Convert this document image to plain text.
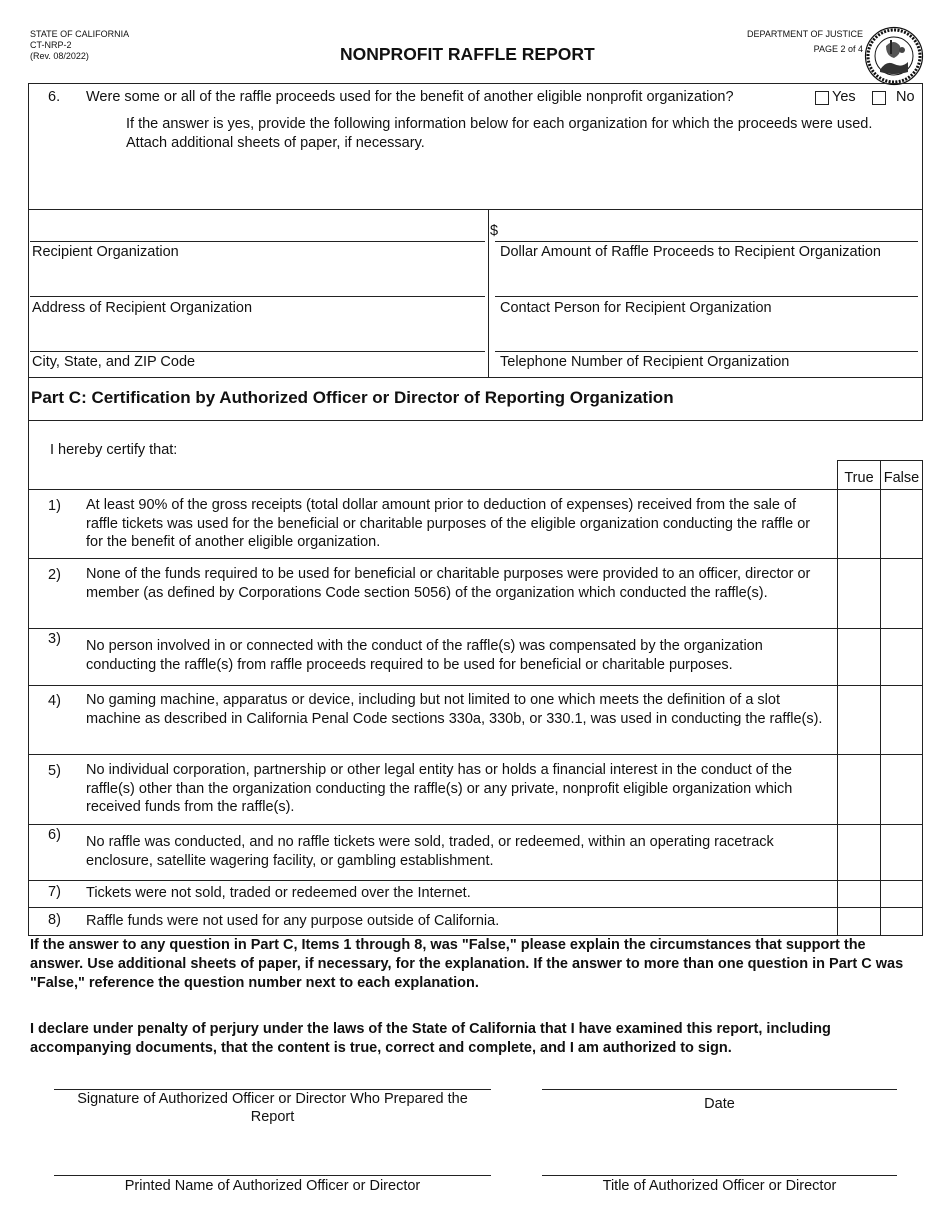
STATE OF CALIFORNIA
CT-NRP-2
(Rev. 08/2022)	NONPROFIT RAFFLE REPORT
DEPARTMENT OF JUSTICE
PAGE 2 of 4
6. Were some or all of the raffle proceeds used for the benefit of another eligible nonprofit organization?	Yes	No
If the answer is yes, provide the following information below for each organization for which the proceeds were used. Attach additional sheets of paper, if necessary.
$
Recipient Organization	Dollar Amount of Raffle Proceeds to Recipient Organization
Address of Recipient Organization	Contact Person for Recipient Organization
City, State, and ZIP Code	Telephone Number of Recipient Organization
Part C: Certification by Authorized Officer or Director of Reporting Organization
I hereby certify that:
True False
1) At least 90% of the gross receipts (total dollar amount prior to deduction of expenses) received from the sale of raffle tickets was used for the beneficial or charitable purposes of the eligible organization conducting the raffle or for the benefit of another eligible organization.
2) None of the funds required to be used for beneficial or charitable purposes were provided to an officer, director or member (as defined by Corporations Code section 5056) of the organization which conducted the raffle(s).
3) No person involved in or connected with the conduct of the raffle(s) was compensated by the organization conducting the raffle(s) from raffle proceeds required to be used for beneficial or charitable purposes.
4) No gaming machine, apparatus or device, including but not limited to one which meets the definition of a slot machine as described in California Penal Code sections 330a, 330b, or 330.1, was used in conducting the raffle(s).
5) No individual corporation, partnership or other legal entity has or holds a financial interest in the conduct of the raffle(s) other than the organization conducting the raffle(s) or any private, nonprofit eligible organization which received funds from the raffle(s).
6) No raffle was conducted, and no raffle tickets were sold, traded, or redeemed, within an operating racetrack enclosure, satellite wagering facility, or gambling establishment.
7) Tickets were not sold, traded or redeemed over the Internet.
8) Raffle funds were not used for any purpose outside of California.
If the answer to any question in Part C, Items 1 through 8, was "False," please explain the circumstances that support the answer. Use additional sheets of paper, if necessary, for the explanation. If the answer to more than one question in Part C was "False," reference the question number next to each explanation.
I declare under penalty of perjury under the laws of the State of California that I have examined this report, including accompanying documents, that the content is true, correct and complete, and I am authorized to sign.
Signature of Authorized Officer or Director Who Prepared the Report
Date
Printed Name of Authorized Officer or Director	Title of Authorized Officer or Director
